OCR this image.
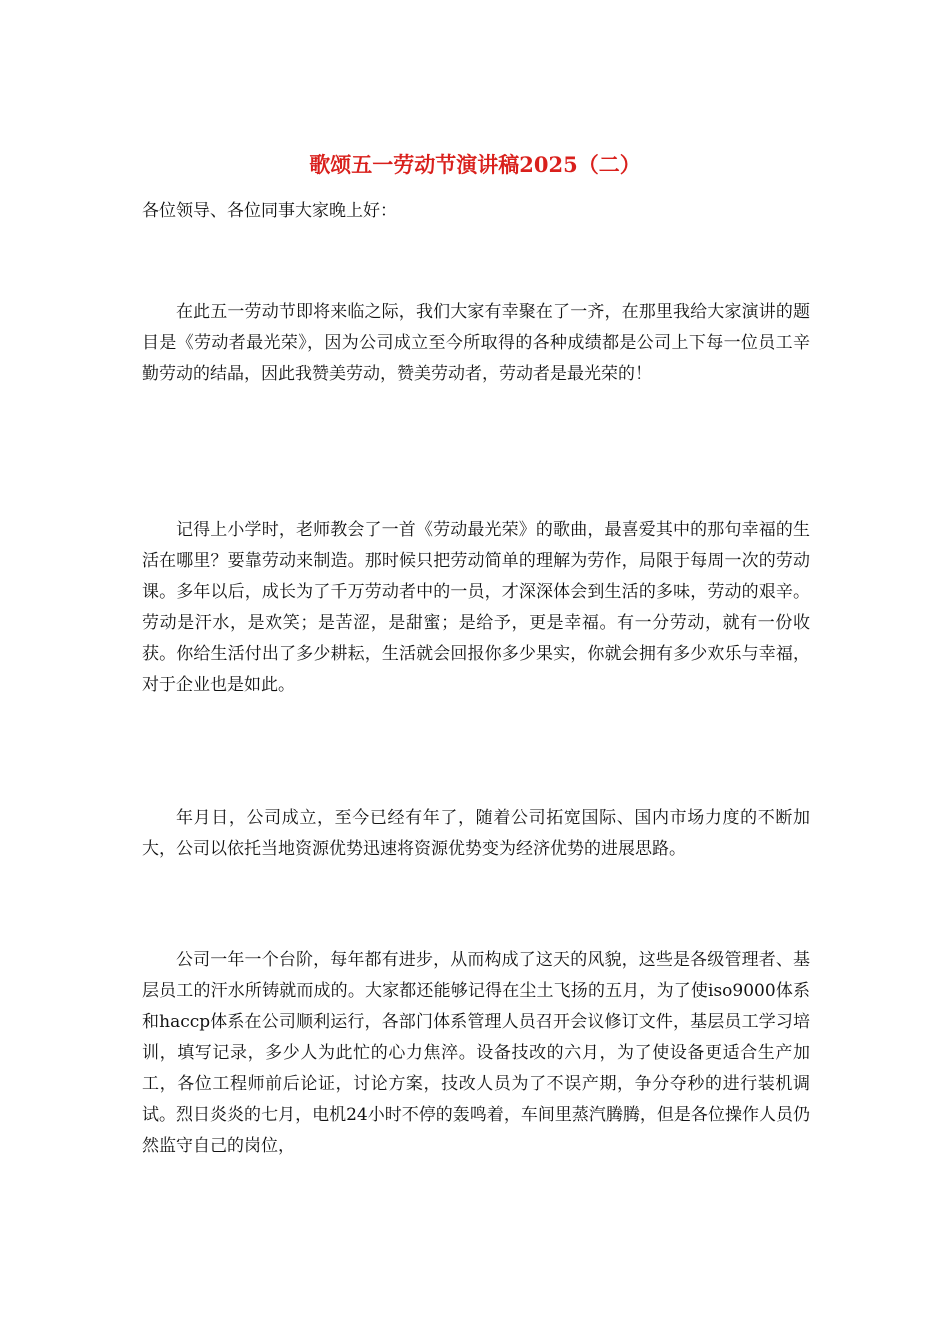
歌颂五一劳动节演讲稿2025（二）
各位领导、各位同事大家晚上好：

在此五一劳动节即将来临之际，我们大家有幸聚在了一齐，在那里我给大家演讲的题目是《劳动者最光荣》，因为公司成立至今所取得的各种成绩都是公司上下每一位员工辛勤劳动的结晶，因此我赞美劳动，赞美劳动者，劳动者是最光荣的！

记得上小学时，老师教会了一首《劳动最光荣》的歌曲，最喜爱其中的那句幸福的生活在哪里？要靠劳动来制造。那时候只把劳动简单的理解为劳作，局限于每周一次的劳动课。多年以后，成长为了千万劳动者中的一员，才深深体会到生活的多味，劳动的艰辛。劳动是汗水，是欢笑；是苦涩，是甜蜜；是给予，更是幸福。有一分劳动，就有一份收获。你给生活付出了多少耕耘，生活就会回报你多少果实，你就会拥有多少欢乐与幸福，对于企业也是如此。

年月日，公司成立，至今已经有年了，随着公司拓宽国际、国内市场力度的不断加大，公司以依托当地资源优势迅速将资源优势变为经济优势的进展思路。

公司一年一个台阶，每年都有进步，从而构成了这天的风貌，这些是各级管理者、基层员工的汗水所铸就而成的。大家都还能够记得在尘土飞扬的五月，为了使iso9000体系和haccp体系在公司顺利运行，各部门体系管理人员召开会议修订文件，基层员工学习培训，填写记录，多少人为此忙的心力焦淬。设备技改的六月，为了使设备更适合生产加工，各位工程师前后论证，讨论方案，技改人员为了不误产期，争分夺秒的进行装机调试。烈日炎炎的七月，电机24小时不停的轰鸣着，车间里蒸汽腾腾，但是各位操作人员仍然监守自己的岗位，
